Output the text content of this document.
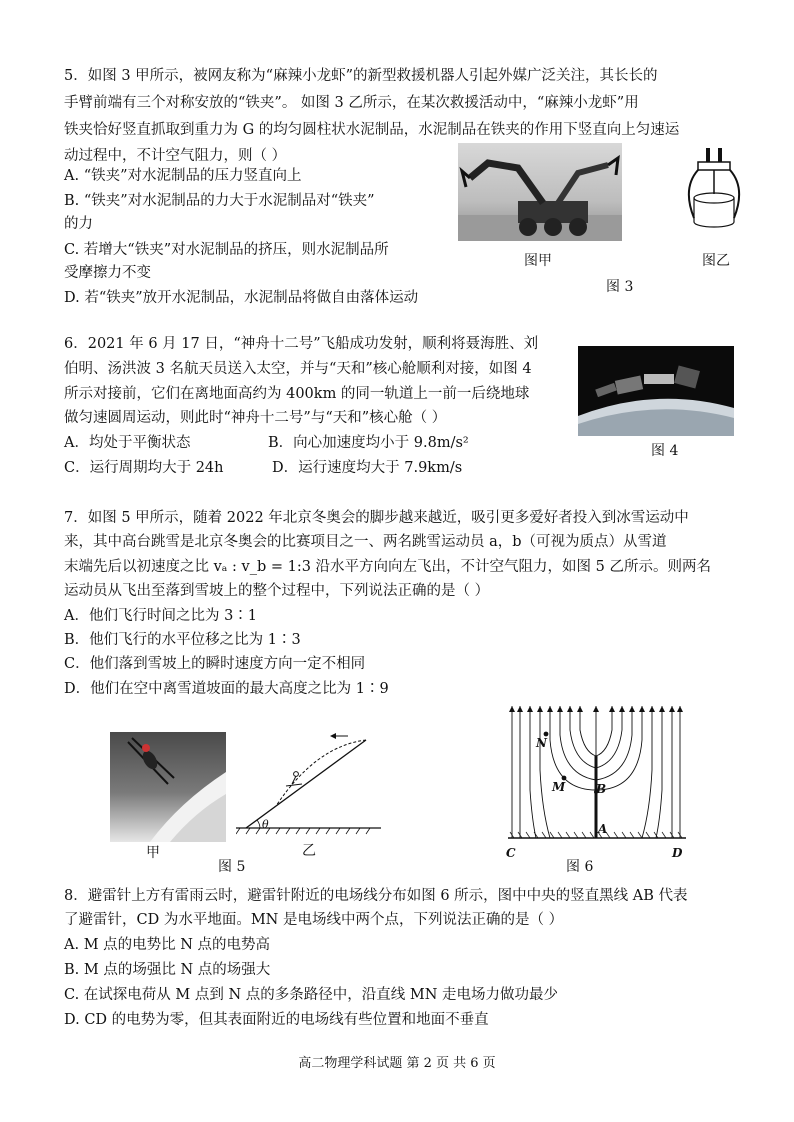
5．如图 3 甲所示，被网友称为“麻辣小龙虾”的新型救援机器人引起外媒广泛关注，其长长的
手臂前端有三个对称安放的“铁夹”。 如图 3 乙所示，在某次救援活动中，“麻辣小龙虾”用
铁夹恰好竖直抓取到重力为 G 的均匀圆柱状水泥制品，水泥制品在铁夹的作用下竖直向上匀速运
动过程中，不计空气阻力，则（ ）
A. “铁夹”对水泥制品的压力竖直向上
B. “铁夹”对水泥制品的力大于水泥制品对“铁夹”
的力
C. 若增大“铁夹”对水泥制品的挤压，则水泥制品所
受摩擦力不变
D. 若“铁夹”放开水泥制品，水泥制品将做自由落体运动
图甲	图乙
图 3
6．2021 年 6 月 17 日，“神舟十二号”飞船成功发射，顺利将聂海胜、刘
伯明、汤洪波 3 名航天员送入太空，并与“天和”核心舱顺利对接，如图 4
所示对接前，它们在离地面高约为 400km 的同一轨道上一前一后绕地球
做匀速圆周运动，则此时“神舟十二号”与“天和”核心舱（ ）
A．均处于平衡状态	B．向心加速度均小于 9.8m/s²
C．运行周期均大于 24h	D．运行速度均大于 7.9km/s
图 4
7．如图 5 甲所示，随着 2022 年北京冬奥会的脚步越来越近，吸引更多爱好者投入到冰雪运动中
来，其中高台跳雪是北京冬奥会的比赛项目之一、两名跳雪运动员 a，b（可视为质点）从雪道
末端先后以初速度之比 vₐ : v_b = 1:3 沿水平方向向左飞出，不计空气阻力，如图 5 乙所示。则两名
运动员从飞出至落到雪坡上的整个过程中，下列说法正确的是（ ）
A．他们飞行时间之比为 3∶1
B．他们飞行的水平位移之比为 1∶3
C．他们落到雪坡上的瞬时速度方向一定不相同
D．他们在空中离雪道坡面的最大高度之比为 1∶9
甲
θ
图 5
乙
N
M	B
A
C	D
图 6
8．避雷针上方有雷雨云时，避雷针附近的电场线分布如图 6 所示，图中中央的竖直黑线 AB 代表
了避雷针，CD 为水平地面。MN 是电场线中两个点，下列说法正确的是（ ）
A. M 点的电势比 N 点的电势高
B. M 点的场强比 N 点的场强大
C. 在试探电荷从 M 点到 N 点的多条路径中，沿直线 MN 走电场力做功最少
D. CD 的电势为零，但其表面附近的电场线有些位置和地面不垂直
高二物理学科试题 第 2 页 共 6 页
